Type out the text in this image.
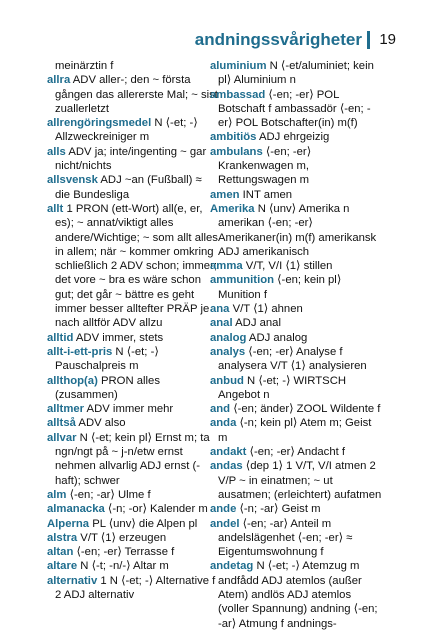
andningssvårigheter 19

meinärztin f

allra ADV aller-; den ~ första gången das allererste Mal; ~ sist zuallerletzt

allrengöringsmedel N ⟨-et; -⟩ Allzweckreiniger m

alls ADV ja; inte/ingenting ~ gar nicht/nichts

allsvensk ADJ ~an (Fußball) ≈ die Bundesliga

allt 1 PRON (ett-Wort) all(e, er, es); ~ annat/viktigt alles andere/Wichtige; ~ som allt alles in allem; när ~ kommer omkring schließlich 2 ADV schon; immer; det vore ~ bra es wäre schon gut; det går ~ bättre es geht immer besser alltefter PRÄP je nach alltför ADV allzu

alltid ADV immer, stets

allt-i-ett-pris N ⟨-et; -⟩ Pauschalpreis m

allthop(a) PRON alles (zusammen)

alltmer ADV immer mehr

alltså ADV also

allvar N ⟨-et; kein pl⟩ Ernst m; ta ngn/ngt på ~ j-n/etw ernst nehmen allvarlig ADJ ernst (-haft); schwer

alm ⟨-en; -ar⟩ Ulme f

almanacka ⟨-n; -or⟩ Kalender m

Alperna PL ⟨unv⟩ die Alpen pl

alstra V/T ⟨1⟩ erzeugen

altan ⟨-en; -er⟩ Terrasse f

altare N ⟨-t; -n/-⟩ Altar m

alternativ 1 N ⟨-et; -⟩ Alternative f 2 ADJ alternativ

aluminium N ⟨-et/aluminiet; kein pl⟩ Aluminium n

ambassad ⟨-en; -er⟩ POL Botschaft f ambassadör ⟨-en; -er⟩ POL Botschafter(in) m(f)

ambitiös ADJ ehrgeizig

ambulans ⟨-en; -er⟩ Krankenwagen m, Rettungswagen m

amen INT amen

Amerika N ⟨unv⟩ Amerika n amerikan ⟨-en; -er⟩ Amerikaner(in) m(f) amerikansk ADJ amerikanisch

amma V/T, V/I ⟨1⟩ stillen

ammunition ⟨-en; kein pl⟩ Munition f

ana V/T ⟨1⟩ ahnen

anal ADJ anal

analog ADJ analog

analys ⟨-en; -er⟩ Analyse f analysera V/T ⟨1⟩ analysieren

anbud N ⟨-et; -⟩ WIRTSCH Angebot n

and ⟨-en; änder⟩ ZOOL Wildente f

anda ⟨-n; kein pl⟩ Atem m; Geist m

andakt ⟨-en; -er⟩ Andacht f

andas ⟨dep 1⟩ 1 V/T, V/I atmen 2 V/P ~ in einatmen; ~ ut ausatmen; (erleichtert) aufatmen

ande ⟨-n; -ar⟩ Geist m

andel ⟨-en; -ar⟩ Anteil m andelslägenhet ⟨-en; -er⟩ ≈ Eigentumswohnung f

andetag N ⟨-et; -⟩ Atemzug m andfådd ADJ atemlos (außer Atem) andlös ADJ atemlos (voller Spannung) andning ⟨-en; -ar⟩ Atmung f andnings-
